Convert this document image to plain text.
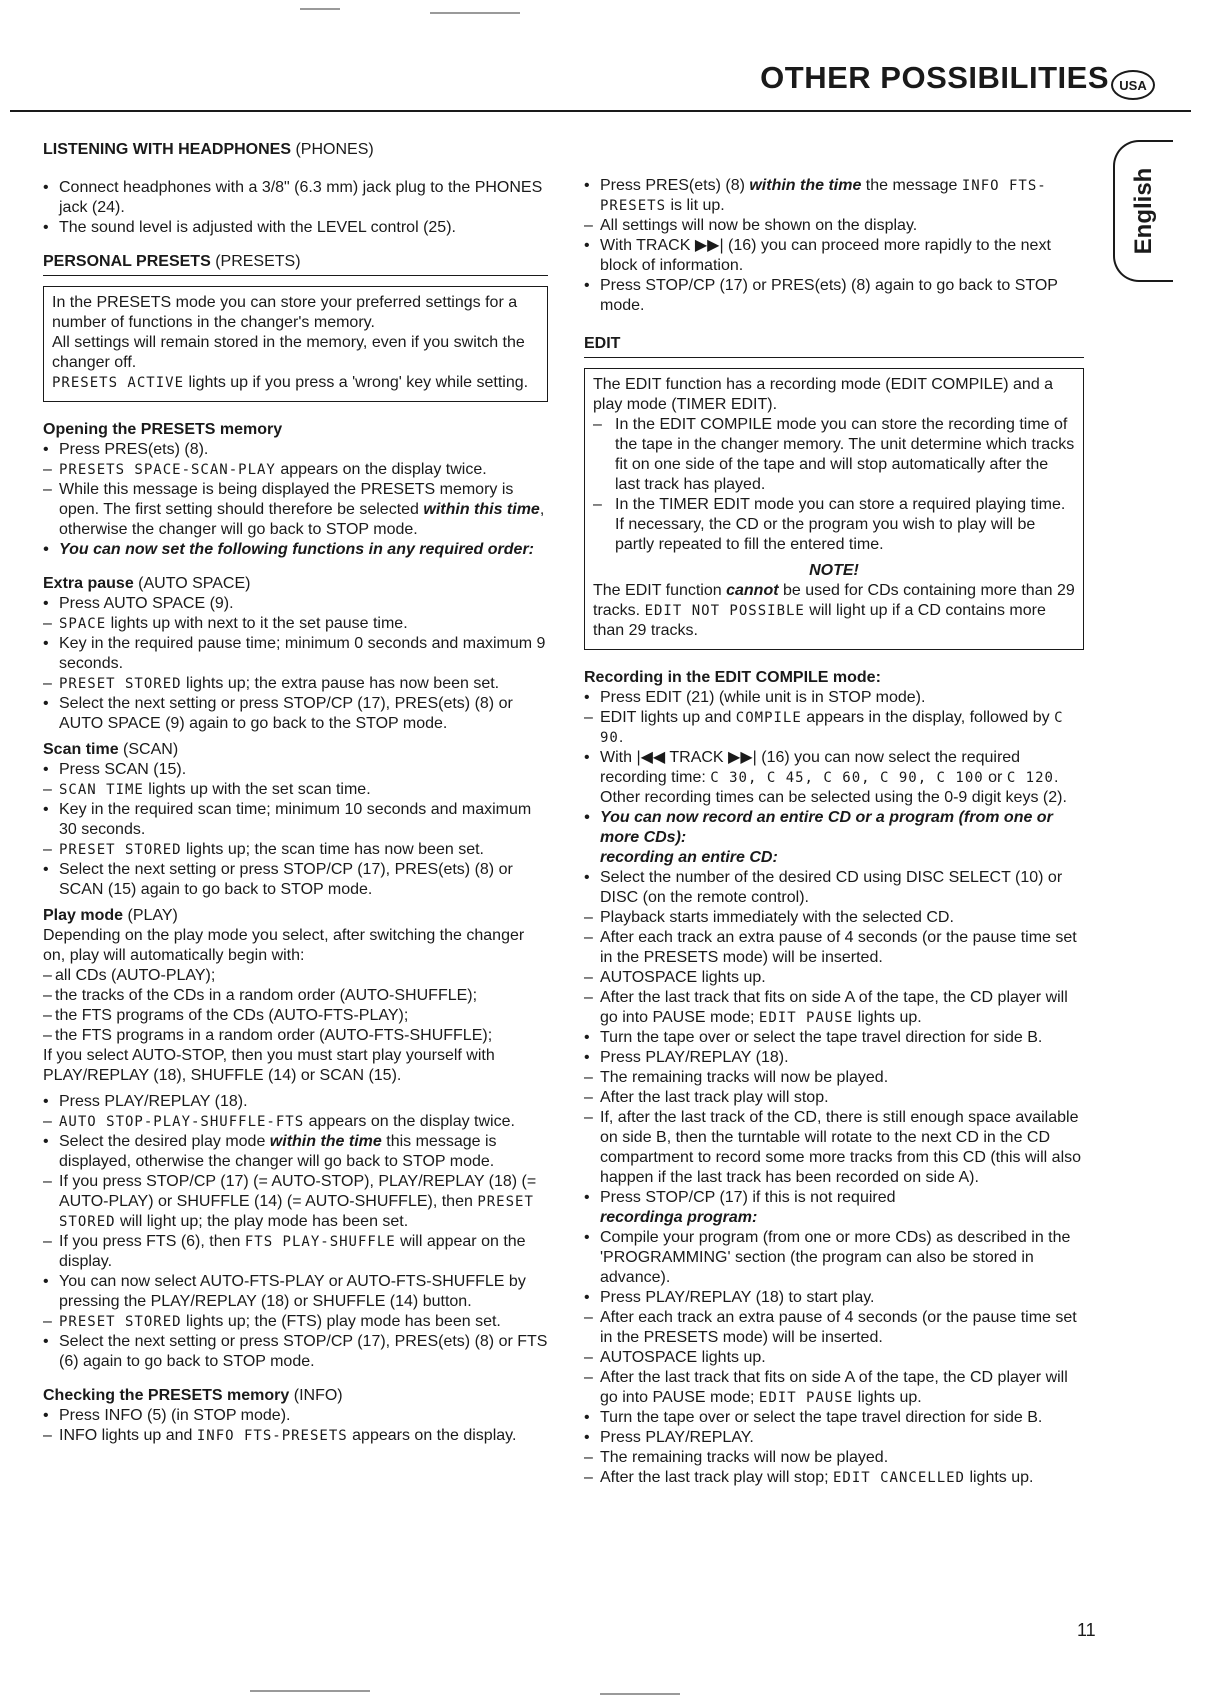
OTHER POSSIBILITIES USA
English
LISTENING WITH HEADPHONES (PHONES)
• Connect headphones with a 3/8" (6.3 mm) jack plug to the PHONES jack (24).
• The sound level is adjusted with the LEVEL control (25).
PERSONAL PRESETS (PRESETS)

In the PRESETS mode you can store your preferred settings for a number of functions in the changer's memory.

All settings will remain stored in the memory, even if you switch the changer off.

PRESETS ACTIVE lights up if you press a 'wrong' key while setting.

Opening the PRESETS memory
• Press PRES(ets) (8).
– PRESETS SPACE-SCAN-PLAY appears on the display twice.
– While this message is being displayed the PRESETS memory is open. The first setting should therefore be selected within this time, otherwise the changer will go back to STOP mode.
• You can now set the following functions in any required order:
Extra pause (AUTO SPACE)
• Press AUTO SPACE (9).
– SPACE lights up with next to it the set pause time.
• Key in the required pause time; minimum 0 seconds and maximum 9 seconds.
– PRESET STORED lights up; the extra pause has now been set.
• Select the next setting or press STOP/CP (17), PRES(ets) (8) or AUTO SPACE (9) again to go back to the STOP mode.
Scan time (SCAN)
• Press SCAN (15).
– SCAN TIME lights up with the set scan time.
• Key in the required scan time; minimum 10 seconds and maximum 30 seconds.
– PRESET STORED lights up; the scan time has now been set.
• Select the next setting or press STOP/CP (17), PRES(ets) (8) or SCAN (15) again to go back to STOP mode.
Play mode (PLAY)

Depending on the play mode you select, after switching the changer on, play will automatically begin with:

– all CDs (AUTO-PLAY);
– the tracks of the CDs in a random order (AUTO-SHUFFLE);
– the FTS programs of the CDs (AUTO-FTS-PLAY);
– the FTS programs in a random order (AUTO-FTS-SHUFFLE);

If you select AUTO-STOP, then you must start play yourself with PLAY/REPLAY (18), SHUFFLE (14) or SCAN (15).

• Press PLAY/REPLAY (18).
– AUTO STOP-PLAY-SHUFFLE-FTS appears on the display twice.
• Select the desired play mode within the time this message is displayed, otherwise the changer will go back to STOP mode.
– If you press STOP/CP (17) (= AUTO-STOP), PLAY/REPLAY (18) (= AUTO-PLAY) or SHUFFLE (14) (= AUTO-SHUFFLE), then PRESET STORED will light up; the play mode has been set.
– If you press FTS (6), then FTS PLAY-SHUFFLE will appear on the display.
• You can now select AUTO-FTS-PLAY or AUTO-FTS-SHUFFLE by pressing the PLAY/REPLAY (18) or SHUFFLE (14) button.
– PRESET STORED lights up; the (FTS) play mode has been set.
• Select the next setting or press STOP/CP (17), PRES(ets) (8) or FTS (6) again to go back to STOP mode.
Checking the PRESETS memory (INFO)
• Press INFO (5) (in STOP mode).
– INFO lights up and INFO FTS-PRESETS appears on the display.
• Press PRES(ets) (8) within the time the message INFO FTS-PRESETS is lit up.
– All settings will now be shown on the display.
• With TRACK ▶▶| (16) you can proceed more rapidly to the next block of information.
• Press STOP/CP (17) or PRES(ets) (8) again to go back to STOP mode.
EDIT

The EDIT function has a recording mode (EDIT COMPILE) and a play mode (TIMER EDIT).

– In the EDIT COMPILE mode you can store the recording time of the tape in the changer memory. The unit determine which tracks fit on one side of the tape and will stop automatically after the last track has played.
– In the TIMER EDIT mode you can store a required playing time. If necessary, the CD or the program you wish to play will be partly repeated to fill the entered time.
NOTE!

The EDIT function cannot be used for CDs containing more than 29 tracks. EDIT NOT POSSIBLE will light up if a CD contains more than 29 tracks.

Recording in the EDIT COMPILE mode:
• Press EDIT (21) (while unit is in STOP mode).
– EDIT lights up and COMPILE appears in the display, followed by C 90.
• With |◀◀ TRACK ▶▶| (16) you can now select the required recording time: C 30, C 45, C 60, C 90, C 100 or C 120. Other recording times can be selected using the 0-9 digit keys (2).
• You can now record an entire CD or a program (from one or more CDs):
recording an entire CD:
• Select the number of the desired CD using DISC SELECT (10) or DISC (on the remote control).
– Playback starts immediately with the selected CD.
– After each track an extra pause of 4 seconds (or the pause time set in the PRESETS mode) will be inserted.
– AUTOSPACE lights up.
– After the last track that fits on side A of the tape, the CD player will go into PAUSE mode; EDIT PAUSE lights up.
• Turn the tape over or select the tape travel direction for side B.
• Press PLAY/REPLAY (18).
– The remaining tracks will now be played.
– After the last track play will stop.
– If, after the last track of the CD, there is still enough space available on side B, then the turntable will rotate to the next CD in the CD compartment to record some more tracks from this CD (this will also happen if the last track has been recorded on side A).
• Press STOP/CP (17) if this is not required
recordinga program:
• Compile your program (from one or more CDs) as described in the 'PROGRAMMING' section (the program can also be stored in advance).
• Press PLAY/REPLAY (18) to start play.
– After each track an extra pause of 4 seconds (or the pause time set in the PRESETS mode) will be inserted.
– AUTOSPACE lights up.
– After the last track that fits on side A of the tape, the CD player will go into PAUSE mode; EDIT PAUSE lights up.
• Turn the tape over or select the tape travel direction for side B.
• Press PLAY/REPLAY.
– The remaining tracks will now be played.
– After the last track play will stop; EDIT CANCELLED lights up.
11
